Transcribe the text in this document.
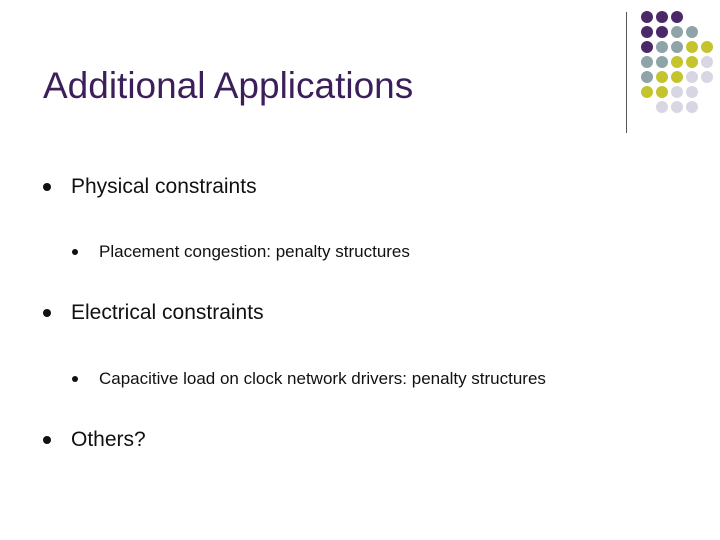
Additional Applications
Physical constraints
Placement congestion: penalty structures
Electrical constraints
Capacitive load on clock network drivers: penalty structures
Others?
